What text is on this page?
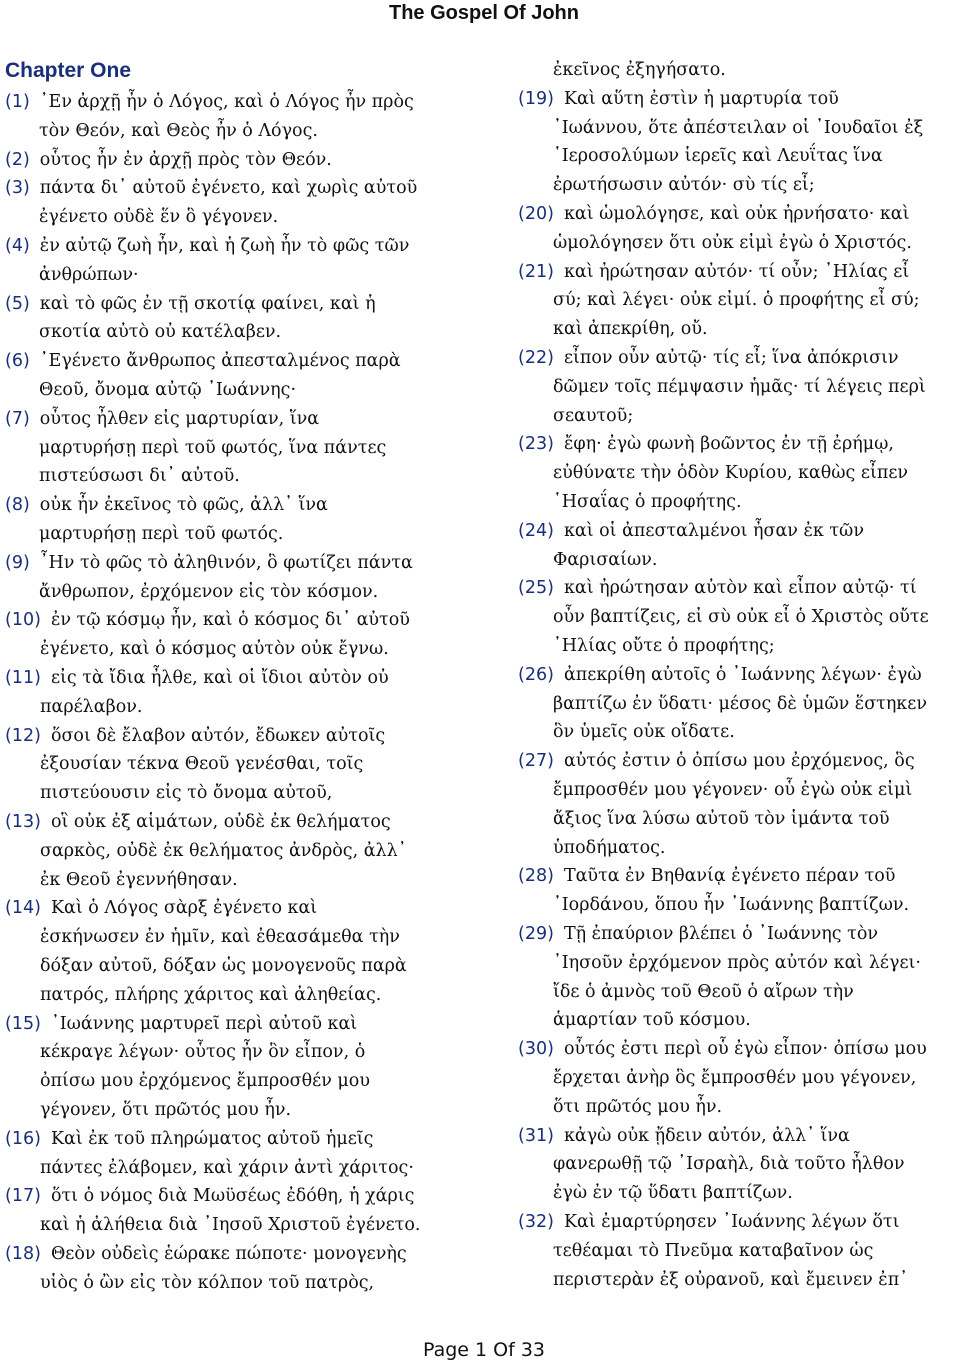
The Gospel Of John
Chapter One
(1) ᾿Εν ἀρχῇ ἦν ὁ Λόγος, καὶ ὁ Λόγος ἦν πρὸς
τὸν Θεόν, καὶ Θεὸς ἦν ὁ Λόγος.
(2) οὗτος ἦν ἐν ἀρχῇ πρὸς τὸν Θεόν.
(3) πάντα δι᾿ αὐτοῦ ἐγένετο, καὶ χωρὶς αὐτοῦ
ἐγένετο οὐδὲ ἕν ὃ γέγονεν.
(4) ἐν αὐτῷ ζωὴ ἦν, καὶ ἡ ζωὴ ἦν τὸ φῶς τῶν
ἀνθρώπων·
(5) καὶ τὸ φῶς ἐν τῇ σκοτίᾳ φαίνει, καὶ ἡ
σκοτία αὐτὸ οὐ κατέλαβεν.
(6) ᾿Εγένετο ἄνθρωπος ἀπεσταλμένος παρὰ
Θεοῦ, ὄνομα αὐτῷ ᾿Ιωάννης·
(7) οὗτος ἦλθεν εἰς μαρτυρίαν, ἵνα
μαρτυρήσῃ περὶ τοῦ φωτός, ἵνα πάντες
πιστεύσωσι δι᾿ αὐτοῦ.
(8) οὐκ ἦν ἐκεῖνος τὸ φῶς, ἀλλ᾿ ἵνα
μαρτυρήσῃ περὶ τοῦ φωτός.
(9) ῏Ην τὸ φῶς τὸ ἀληθινόν, ὃ φωτίζει πάντα
ἄνθρωπον, ἐρχόμενον εἰς τὸν κόσμον.
(10) ἐν τῷ κόσμῳ ἦν, καὶ ὁ κόσμος δι᾿ αὐτοῦ
ἐγένετο, καὶ ὁ κόσμος αὐτὸν οὐκ ἔγνω.
(11) εἰς τὰ ἴδια ἦλθε, καὶ οἱ ἴδιοι αὐτὸν οὐ
παρέλαβον.
(12) ὅσοι δὲ ἔλαβον αὐτόν, ἔδωκεν αὐτοῖς
ἐξουσίαν τέκνα Θεοῦ γενέσθαι, τοῖς
πιστεύουσιν εἰς τὸ ὄνομα αὐτοῦ,
(13) οἳ οὐκ ἐξ αἱμάτων, οὐδὲ ἐκ θελήματος
σαρκὸς, οὐδὲ ἐκ θελήματος ἀνδρὸς, ἀλλ᾿
ἐκ Θεοῦ ἐγεννήθησαν.
(14) Καὶ ὁ Λόγος σὰρξ ἐγένετο καὶ
ἐσκήνωσεν ἐν ἡμῖν, καὶ ἐθεασάμεθα τὴν
δόξαν αὐτοῦ, δόξαν ὡς μονογενοῦς παρὰ
πατρός, πλήρης χάριτος καὶ ἀληθείας.
(15) ᾿Ιωάννης μαρτυρεῖ περὶ αὐτοῦ καὶ
κέκραγε λέγων· οὗτος ἦν ὃν εἶπον, ὁ
ὀπίσω μου ἐρχόμενος ἔμπροσθέν μου
γέγονεν, ὅτι πρῶτός μου ἦν.
(16) Καὶ ἐκ τοῦ πληρώματος αὐτοῦ ἡμεῖς
πάντες ἐλάβομεν, καὶ χάριν ἀντὶ χάριτος·
(17) ὅτι ὁ νόμος διὰ Μωϋσέως ἐδόθη, ἡ χάρις
καὶ ἡ ἀλήθεια διὰ ᾿Ιησοῦ Χριστοῦ ἐγένετο.
(18) Θεὸν οὐδεὶς ἑώρακε πώποτε· μονογενὴς
υἱὸς ὁ ὢν εἰς τὸν κόλπον τοῦ πατρὸς,
ἐκεῖνος ἐξηγήσατο.
(19) Καὶ αὕτη ἐστὶν ἡ μαρτυρία τοῦ
᾿Ιωάννου, ὅτε ἀπέστειλαν οἱ ᾿Ιουδαῖοι ἐξ
῾Ιεροσολύμων ἱερεῖς καὶ Λευΐτας ἵνα
ἐρωτήσωσιν αὐτόν· σὺ τίς εἶ;
(20) καὶ ὡμολόγησε, καὶ οὐκ ἠρνήσατο· καὶ
ὡμολόγησεν ὅτι οὐκ εἰμὶ ἐγὼ ὁ Χριστός.
(21) καὶ ἠρώτησαν αὐτόν· τί οὖν; ᾿Ηλίας εἶ
σύ; καὶ λέγει· οὐκ εἰμί. ὁ προφήτης εἶ σύ;
καὶ ἀπεκρίθη, οὔ.
(22) εἶπον οὖν αὐτῷ· τίς εἶ; ἵνα ἀπόκρισιν
δῶμεν τοῖς πέμψασιν ἡμᾶς· τί λέγεις περὶ
σεαυτοῦ;
(23) ἔφη· ἐγὼ φωνὴ βοῶντος ἐν τῇ ἐρήμῳ,
εὐθύνατε τὴν ὁδὸν Κυρίου, καθὼς εἶπεν
῾Ησαΐας ὁ προφήτης.
(24) καὶ οἱ ἀπεσταλμένοι ἦσαν ἐκ τῶν
Φαρισαίων.
(25) καὶ ἠρώτησαν αὐτὸν καὶ εἶπον αὐτῷ· τί
οὖν βαπτίζεις, εἰ σὺ οὐκ εἶ ὁ Χριστὸς οὔτε
᾿Ηλίας οὔτε ὁ προφήτης;
(26) ἀπεκρίθη αὐτοῖς ὁ ᾿Ιωάννης λέγων· ἐγὼ
βαπτίζω ἐν ὕδατι· μέσος δὲ ὑμῶν ἕστηκεν
ὃν ὑμεῖς οὐκ οἴδατε.
(27) αὐτός ἐστιν ὁ ὀπίσω μου ἐρχόμενος, ὃς
ἔμπροσθέν μου γέγονεν· οὗ ἐγὼ οὐκ εἰμὶ
ἄξιος ἵνα λύσω αὐτοῦ τὸν ἱμάντα τοῦ
ὑποδήματος.
(28) Ταῦτα ἐν Βηθανίᾳ ἐγένετο πέραν τοῦ
᾿Ιορδάνου, ὅπου ἦν ᾿Ιωάννης βαπτίζων.
(29) Τῇ ἐπαύριον βλέπει ὁ ᾿Ιωάννης τὸν
᾿Ιησοῦν ἐρχόμενον πρὸς αὐτόν καὶ λέγει·
ἴδε ὁ ἀμνὸς τοῦ Θεοῦ ὁ αἴρων τὴν
ἁμαρτίαν τοῦ κόσμου.
(30) οὗτός ἐστι περὶ οὗ ἐγὼ εἶπον· ὀπίσω μου
ἔρχεται ἀνὴρ ὃς ἔμπροσθέν μου γέγονεν,
ὅτι πρῶτός μου ἦν.
(31) κἀγὼ οὐκ ᾔδειν αὐτόν, ἀλλ᾿ ἵνα
φανερωθῇ τῷ ᾿Ισραὴλ, διὰ τοῦτο ἦλθον
ἐγὼ ἐν τῷ ὕδατι βαπτίζων.
(32) Καὶ ἐμαρτύρησεν ᾿Ιωάννης λέγων ὅτι
τεθέαμαι τὸ Πνεῦμα καταβαῖνον ὡς
περιστερὰν ἐξ οὐρανοῦ, καὶ ἔμεινεν ἐπ᾿
Page 1 Of 33
